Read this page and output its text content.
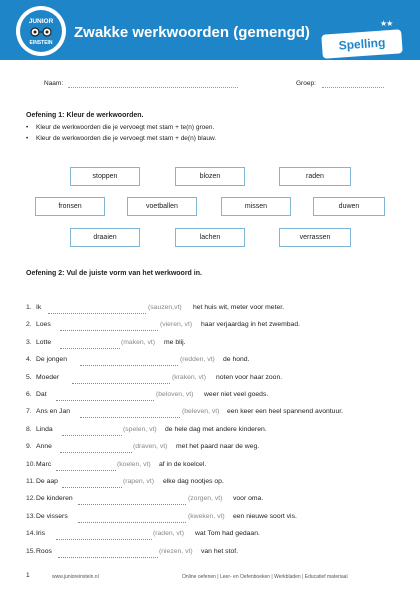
JUNIOR
EINSTEIN
Zwakke werkwoorden (gemengd)
★★
Spelling
Naam:	Groep:
Oefening 1: Kleur de werkwoorden.
• Kleur de werkwoorden die je vervoegt met stam + te(n) groen.
• Kleur de werkwoorden die je vervoegt met stam + de(n) blauw.
stoppen	blozen	raden
fronsen	voetballen	missen	duwen
draaien	lachen	verrassen
Oefening 2: Vul de juiste vorm van het werkwoord in.
1. Ik	(sauzen,vt) het huis wit, meter voor meter.
2. Loes	(vieren, vt) haar verjaardag in het zwembad.
3. Lotte	(maken, vt) me blij.
4. De jongen	(redden, vt) de hond.
5. Moeder	(kraken, vt) noten voor haar zoon.
6. Dat	(beloven, vt) weer niet veel goeds.
7. Ans en Jan	(beleven, vt) een keer een heel spannend avontuur.
8. Linda	(spelen, vt) de hele dag met andere kinderen.
9. Anne	(draven, vt) met het paard naar de weg.
10.Marc	(koelen, vt) af in de koelcel.
11.De aap	(rapen, vt) elke dag nootjes op.
12.De kinderen	(zorgen, vt) voor oma.
13.De vissers	(kweken, vt) een nieuwe soort vis.
14.Iris	(raden, vt) wat Tom had gedaan.
15.Roos	(niezen, vt) van het stof.
1	www.junioreinstein.nl	Online oefenen | Leer- en Oefenboeken | Werkbladen | Educatief materiaal
